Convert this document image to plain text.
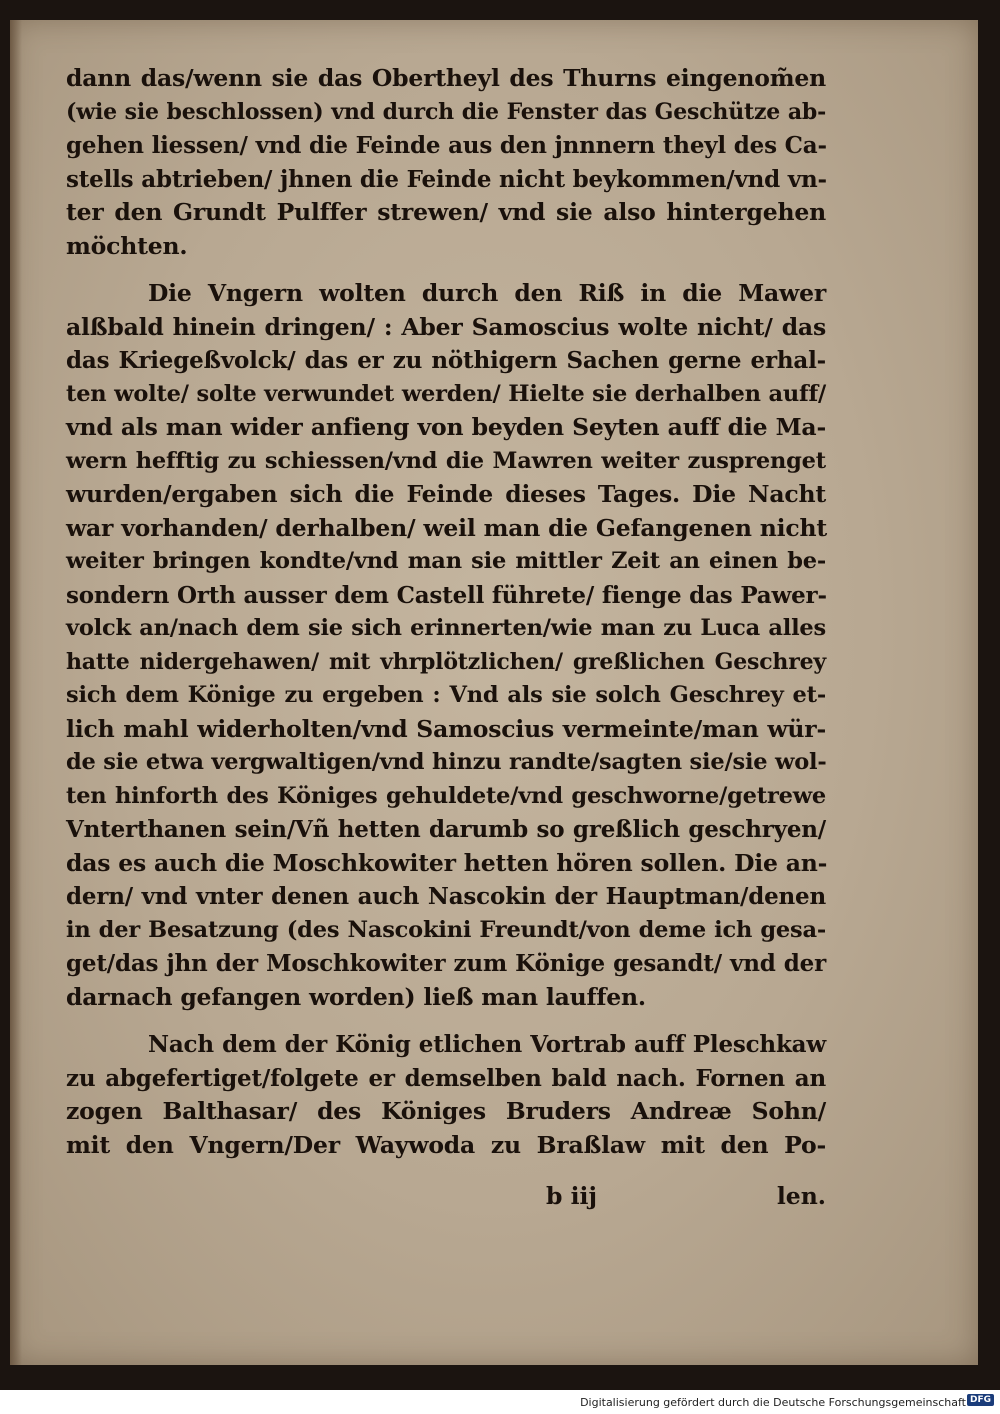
dann das/wenn sie das Obertheyl des Thurns eingenom̃en
(wie sie beschlossen) vnd durch die Fenster das Geschütze ab-
gehen liessen/ vnd die Feinde aus den jnnnern theyl des Ca-
stells abtrieben/ jhnen die Feinde nicht beykommen/vnd vn-
ter den Grundt Pulffer strewen/ vnd sie also hintergehen
möchten.
Die Vngern wolten durch den Riß in die Mawer
alßbald hinein dringen/ : Aber Samoscius wolte nicht/ das
das Kriegeßvolck/ das er zu nöthigern Sachen gerne erhal-
ten wolte/ solte verwundet werden/ Hielte sie derhalben auff/
vnd als man wider anfieng von beyden Seyten auff die Ma-
wern hefftig zu schiessen/vnd die Mawren weiter zusprenget
wurden/ergaben sich die Feinde dieses Tages. Die Nacht
war vorhanden/ derhalben/ weil man die Gefangenen nicht
weiter bringen kondte/vnd man sie mittler Zeit an einen be-
sondern Orth ausser dem Castell führete/ fienge das Pawer-
volck an/nach dem sie sich erinnerten/wie man zu Luca alles
hatte nidergehawen/ mit vhrplötzlichen/ greßlichen Geschrey
sich dem Könige zu ergeben : Vnd als sie solch Geschrey et-
lich mahl widerholten/vnd Samoscius vermeinte/man wür-
de sie etwa vergwaltigen/vnd hinzu randte/sagten sie/sie wol-
ten hinforth des Königes gehuldete/vnd geschworne/getrewe
Vnterthanen sein/Vñ hetten darumb so greßlich geschryen/
das es auch die Moschkowiter hetten hören sollen. Die an-
dern/ vnd vnter denen auch Nascokin der Hauptman/denen
in der Besatzung (des Nascokini Freundt/von deme ich gesa-
get/das jhn der Moschkowiter zum Könige gesandt/ vnd der
darnach gefangen worden) ließ man lauffen.
Nach dem der König etlichen Vortrab auff Pleschkaw
zu abgefertiget/folgete er demselben bald nach. Fornen an
zogen Balthasar/ des Königes Bruders Andreæ Sohn/
mit den Vngern/Der Waywoda zu Braßlaw mit den Po-
b iij	len.
Digitalisierung gefördert durch die Deutsche Forschungsgemeinschaft DFG
